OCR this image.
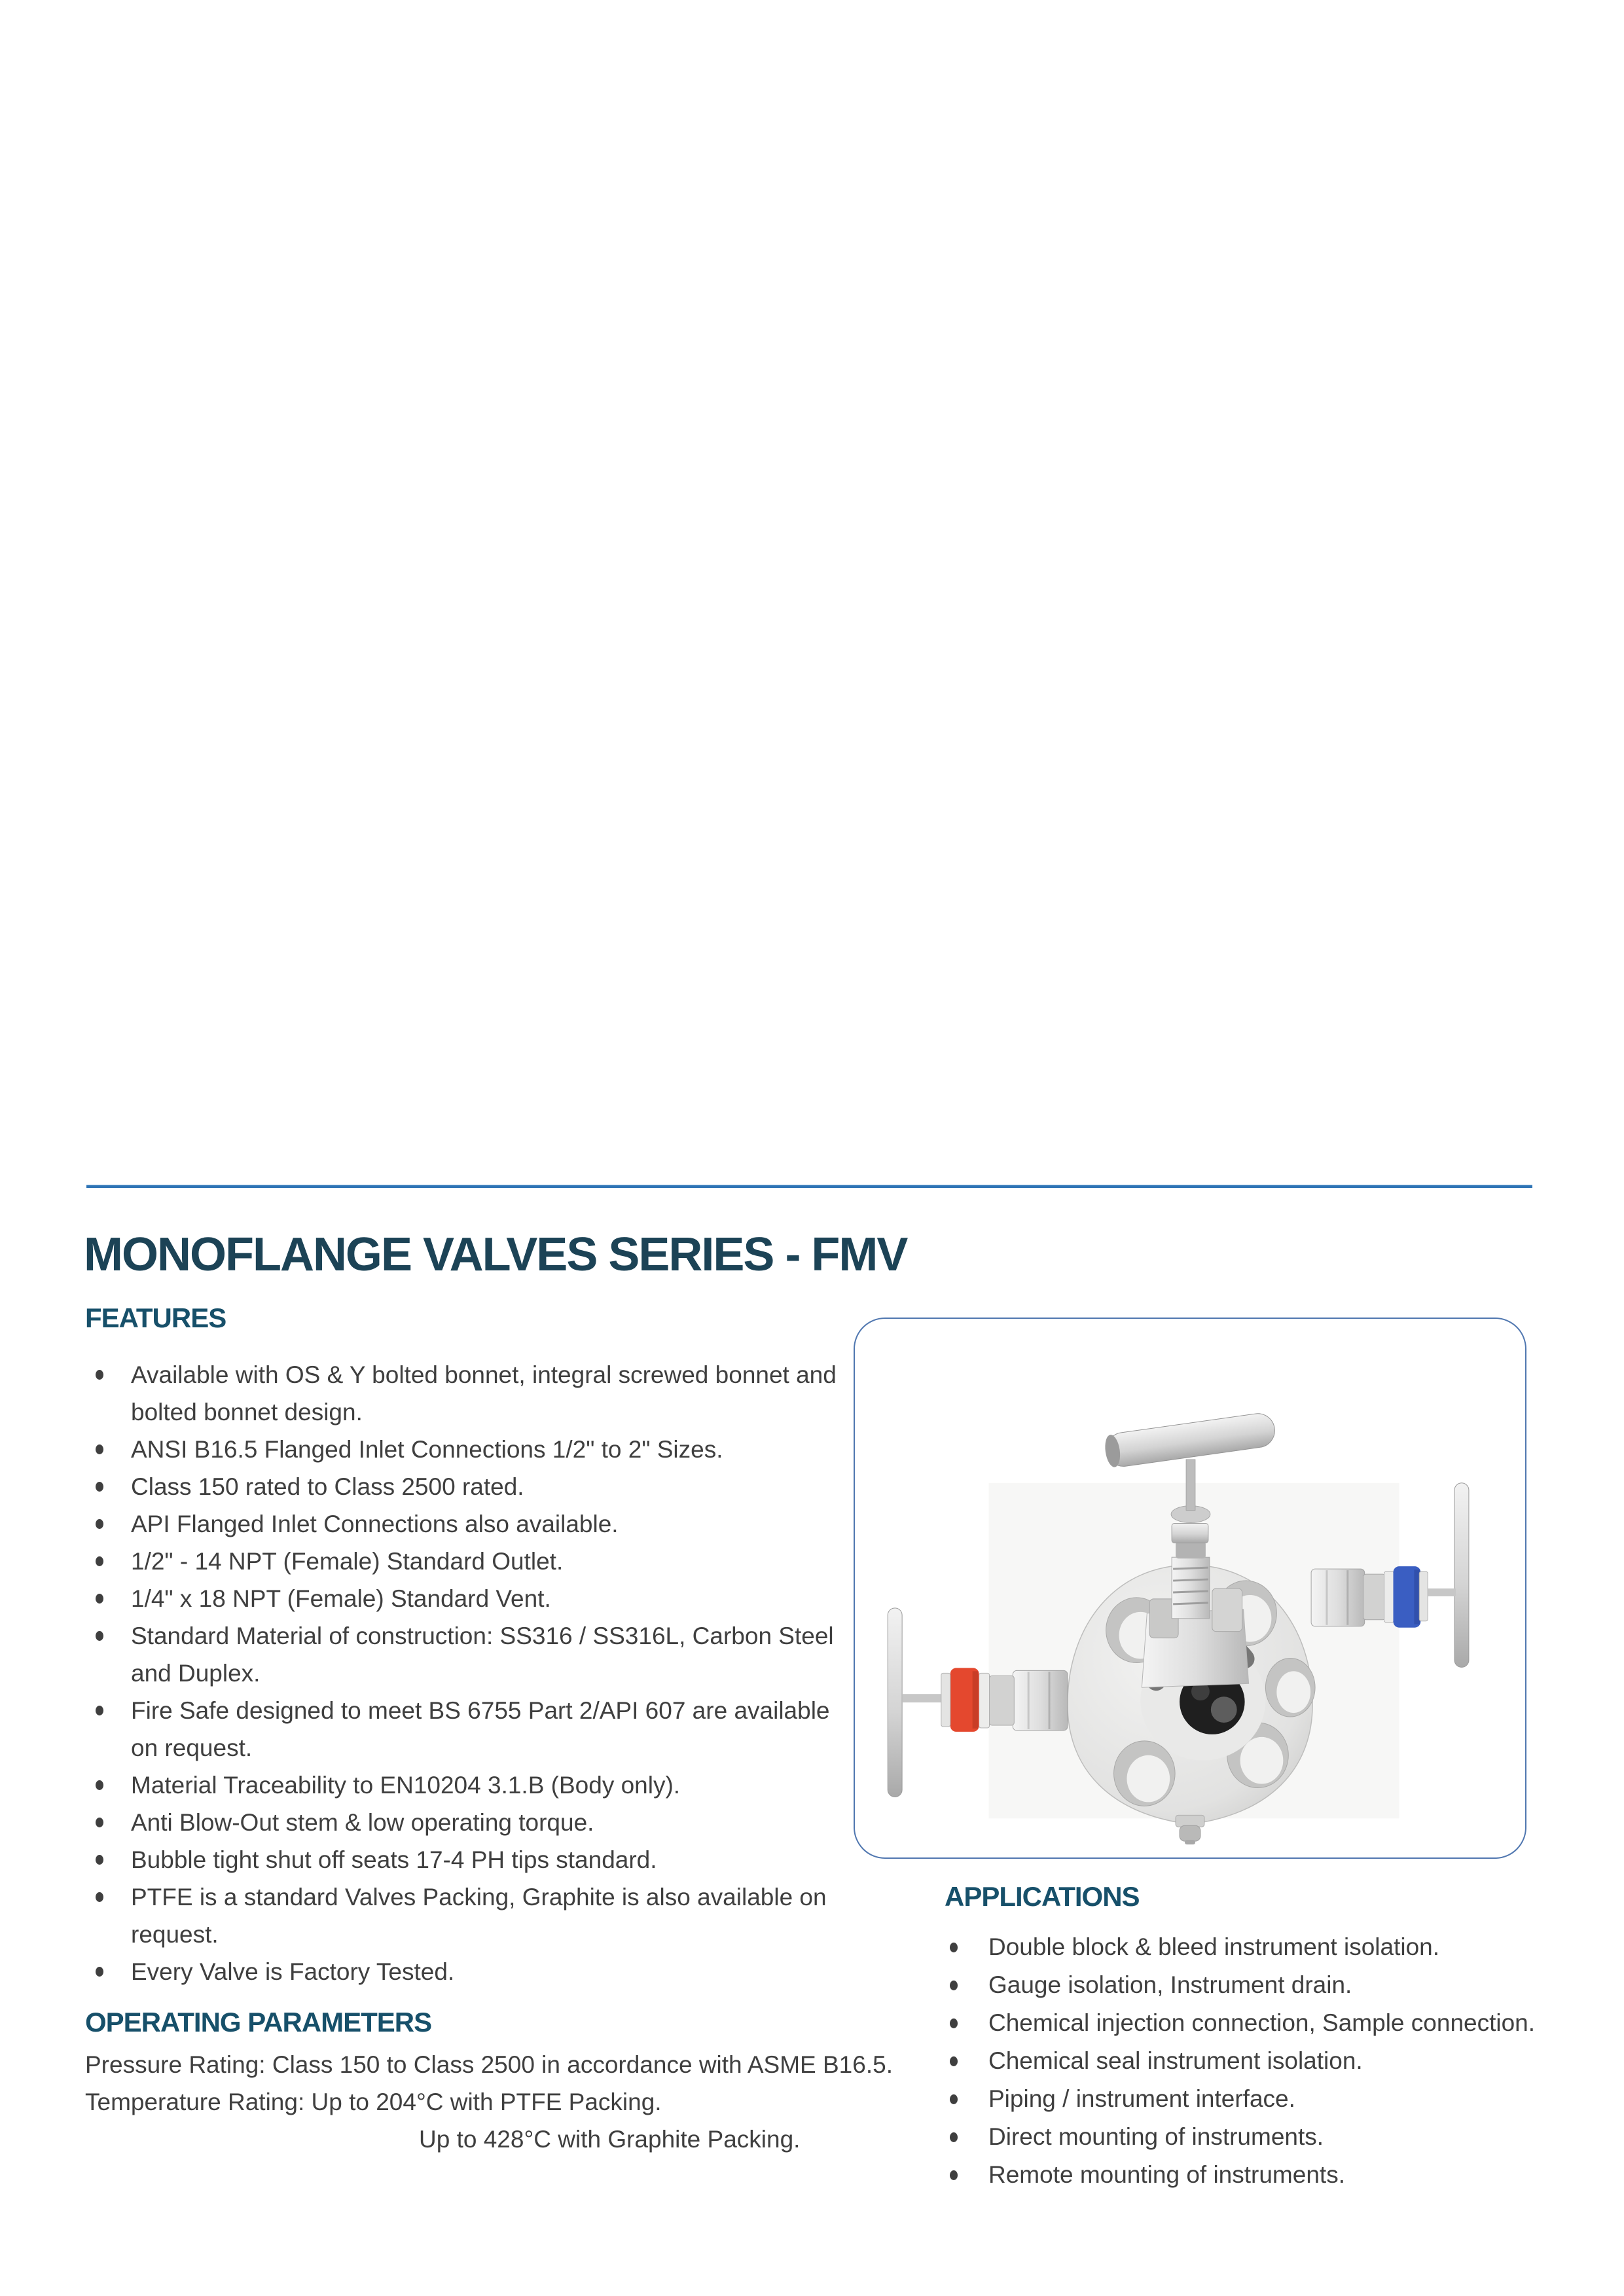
MONOFLANGE VALVES SERIES - FMV
FEATURES
Available with OS & Y bolted bonnet, integral screwed bonnet and bolted bonnet design.
ANSI B16.5 Flanged Inlet Connections 1/2" to 2" Sizes.
Class 150 rated to Class 2500 rated.
API Flanged Inlet Connections also available.
1/2" - 14 NPT (Female) Standard Outlet.
1/4" x 18 NPT (Female) Standard Vent.
Standard Material of construction: SS316 / SS316L, Carbon Steel and Duplex.
Fire Safe designed to meet BS 6755 Part 2/API 607 are available on request.
Material Traceability to EN10204 3.1.B (Body only).
Anti Blow-Out stem & low operating torque.
Bubble tight shut off seats 17-4 PH tips standard.
PTFE is a standard Valves Packing, Graphite is also available on request.
Every Valve is Factory Tested.
OPERATING PARAMETERS
Pressure Rating: Class 150 to Class 2500 in accordance with ASME B16.5.
Temperature Rating: Up to 204°C with PTFE Packing.
Up to 428°C with Graphite Packing.
APPLICATIONS
Double block & bleed instrument isolation.
Gauge isolation, Instrument drain.
Chemical injection connection, Sample connection.
Chemical seal instrument isolation.
Piping / instrument interface.
Direct mounting of instruments.
Remote mounting of instruments.
